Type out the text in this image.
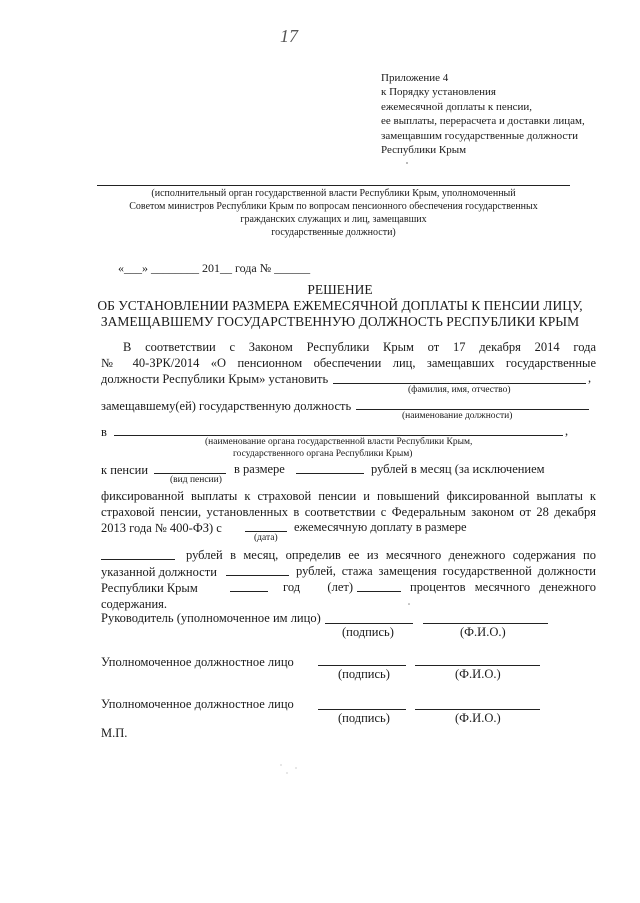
17
Приложение 4
к Порядку установления
ежемесячной доплаты к пенсии,
ее выплаты, перерасчета и доставки лицам,
замещавшим государственные должности
Республики Крым
(исполнительный орган государственной власти Республики Крым, уполномоченный
Советом министров Республики Крым по вопросам пенсионного обеспечения государственных
гражданских служащих и лиц, замещавших
государственные должности)
«___» ________ 201__ года № ______
РЕШЕНИЕ
ОБ УСТАНОВЛЕНИИ РАЗМЕРА ЕЖЕМЕСЯЧНОЙ ДОПЛАТЫ К ПЕНСИИ ЛИЦУ,
ЗАМЕЩАВШЕМУ ГОСУДАРСТВЕННУЮ ДОЛЖНОСТЬ РЕСПУБЛИКИ КРЫМ
В соответствии с Законом Республики Крым от 17 декабря 2014 года
№ 40-ЗРК/2014 «О пенсионном обеспечении лиц, замещавших государственные
должности Республики Крым» установить	,
(фамилия, имя, отчество)
замещавшему(ей) государственную должность
(наименование должности)
в	,
(наименование органа государственной власти Республики Крым,
государственного органа Республики Крым)
к пенсии	в размере	рублей в месяц (за исключением
(вид пенсии)
фиксированной выплаты к страховой пенсии и повышений фиксированной выплаты к
страховой пенсии, установленных в соответствии с Федеральным законом от 28 декабря
2013 года № 400-ФЗ) с	ежемесячную доплату в размере
(дата)
рублей в месяц, определив ее из месячного денежного содержания по
указанной должности	рублей, стажа замещения государственной должности
Республики Крым	год (лет)	процентов месячного денежного
содержания.
Руководитель (уполномоченное им лицо)
(подпись)	(Ф.И.О.)
Уполномоченное должностное лицо
(подпись)	(Ф.И.О.)
Уполномоченное должностное лицо
(подпись)	(Ф.И.О.)
М.П.
